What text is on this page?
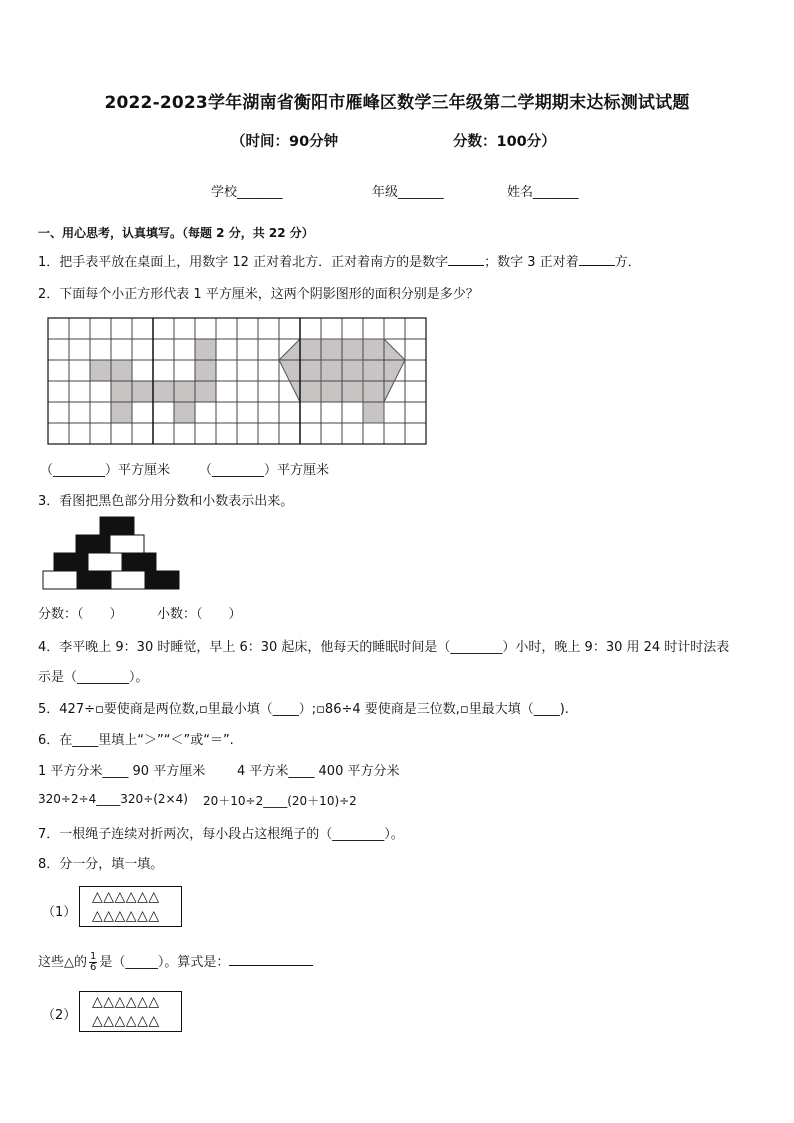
2022-2023学年湖南省衡阳市雁峰区数学三年级第二学期期末达标测试试题
（时间：90分钟	分数：100分）
学校_______	年级_______	姓名_______
一、用心思考，认真填写。（每题 2 分，共 22 分）
1．把手表平放在桌面上，用数字 12 正对着北方．正对着南方的是数字	；数字 3 正对着	方．
2．下面每个小正方形代表 1 平方厘米，这两个阴影图形的面积分别是多少？
（________）平方厘米 （________）平方厘米
3．看图把黑色部分用分数和小数表示出来。
分数：（　　）	小数：（　　）
4．李平晚上 9：30 时睡觉，早上 6：30 起床，他每天的睡眠时间是（________）小时，晚上 9：30 用 24 时计时法表
示是（________）。
5．427÷▫要使商是两位数,▫里最小填（____）;▫86÷4 要使商是三位数,▫里最大填（____).
6．在____里填上“＞”“＜”或“＝”.
1 平方分米____ 90 平方厘米 4 平方米____ 400 平方分米
320÷2÷4____320÷(2×4) 20＋10÷2____(20＋10)÷2
7．一根绳子连续对折两次，每小段占这根绳子的（________）。
8．分一分，填一填。
（1）
△△△△△△
△△△△△△
这些△的 $\frac{1}{6}$ 是（_____）。算式是：
（2）
△△△△△△
△△△△△△
